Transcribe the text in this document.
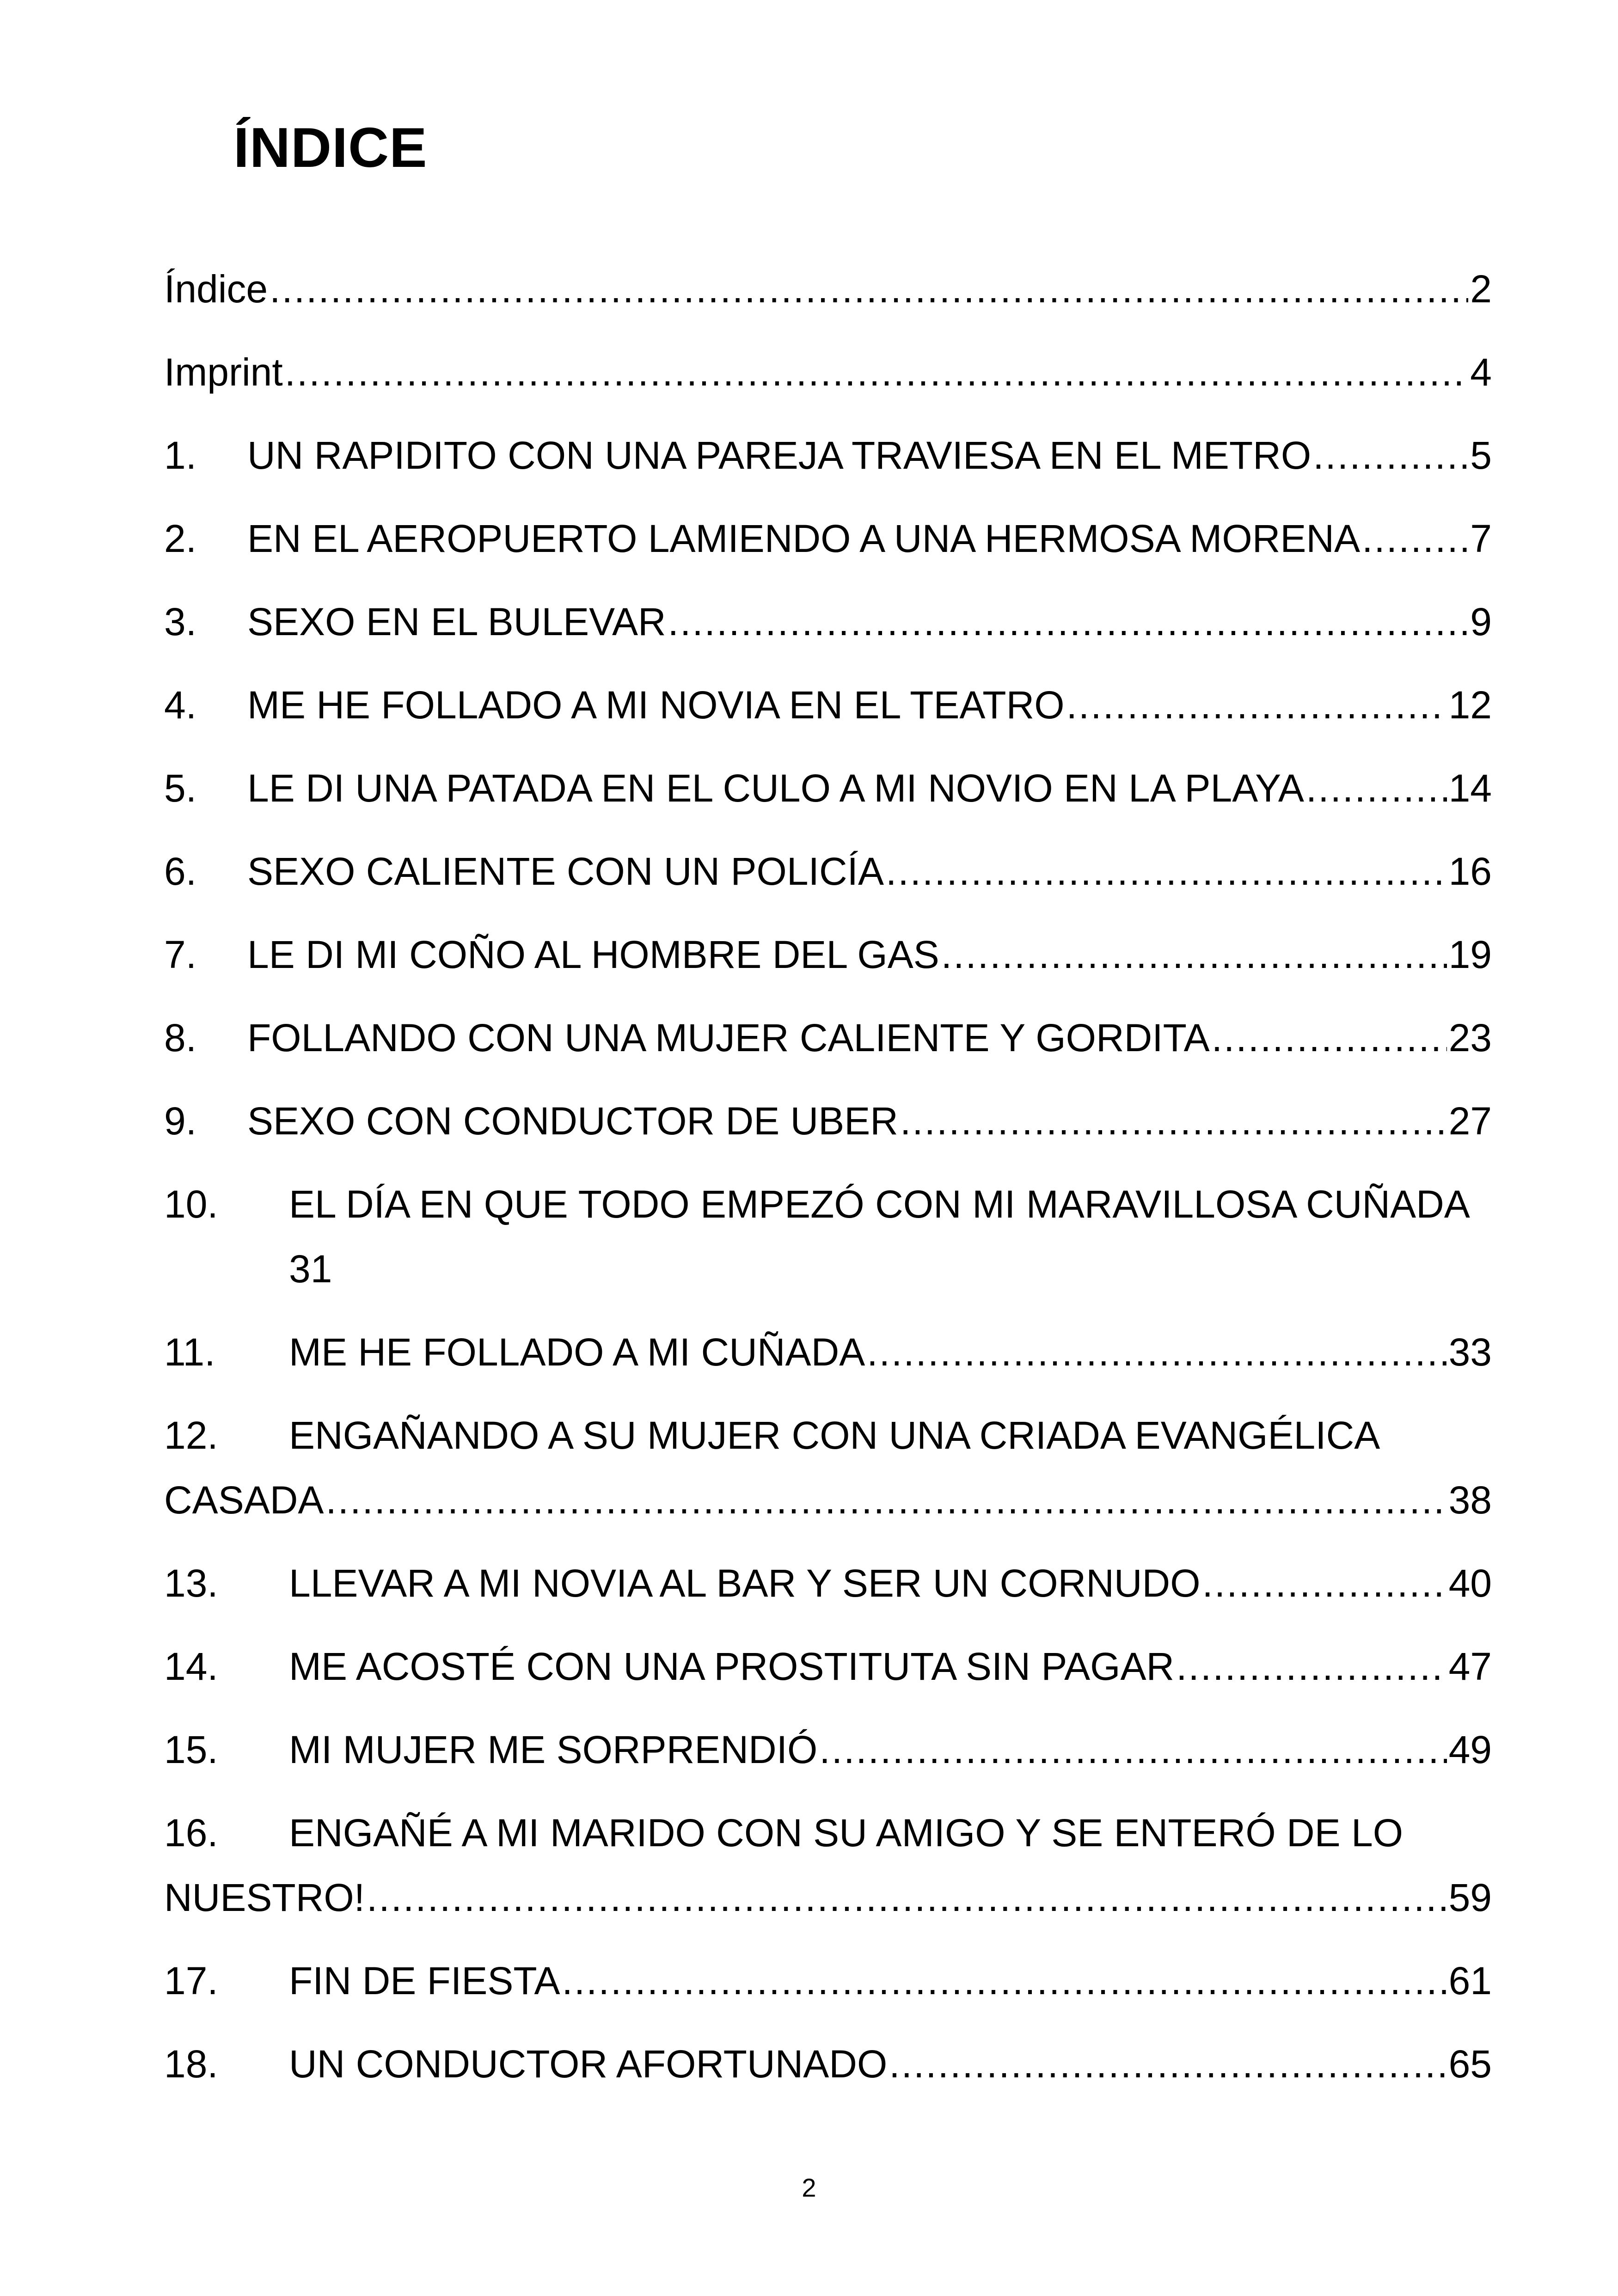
ÍNDICE
Índice .....	2
Imprint .....	4
1.	UN RAPIDITO CON UNA PAREJA TRAVIESA EN EL METRO .....	5
2.	EN EL AEROPUERTO LAMIENDO A UNA HERMOSA MORENA .....	7
3.	SEXO EN EL BULEVAR .....	9
4.	ME HE FOLLADO A MI NOVIA EN EL TEATRO .....	12
5.	LE DI UNA PATADA EN EL CULO A MI NOVIO EN LA PLAYA .....	14
6.	SEXO CALIENTE CON UN POLICÍA .....	16
7.	LE DI MI COÑO AL HOMBRE DEL GAS .....	19
8.	FOLLANDO CON UNA MUJER CALIENTE Y GORDITA .....	23
9.	SEXO CON CONDUCTOR DE UBER .....	27
10.	EL DÍA EN QUE TODO EMPEZÓ CON MI MARAVILLOSA CUÑADA
31
11.	ME HE FOLLADO A MI CUÑADA .....	33
12.	ENGAÑANDO A SU MUJER CON UNA CRIADA EVANGÉLICA
CASADA .....	38
13.	LLEVAR A MI NOVIA AL BAR Y SER UN CORNUDO .....	40
14.	ME ACOSTÉ CON UNA PROSTITUTA SIN PAGAR .....	47
15.	MI MUJER ME SORPRENDIÓ .....	49
16.	ENGAÑÉ A MI MARIDO CON SU AMIGO Y SE ENTERÓ DE LO
NUESTRO! .....	59
17.	FIN DE FIESTA .....	61
18.	UN CONDUCTOR AFORTUNADO .....	65
2
